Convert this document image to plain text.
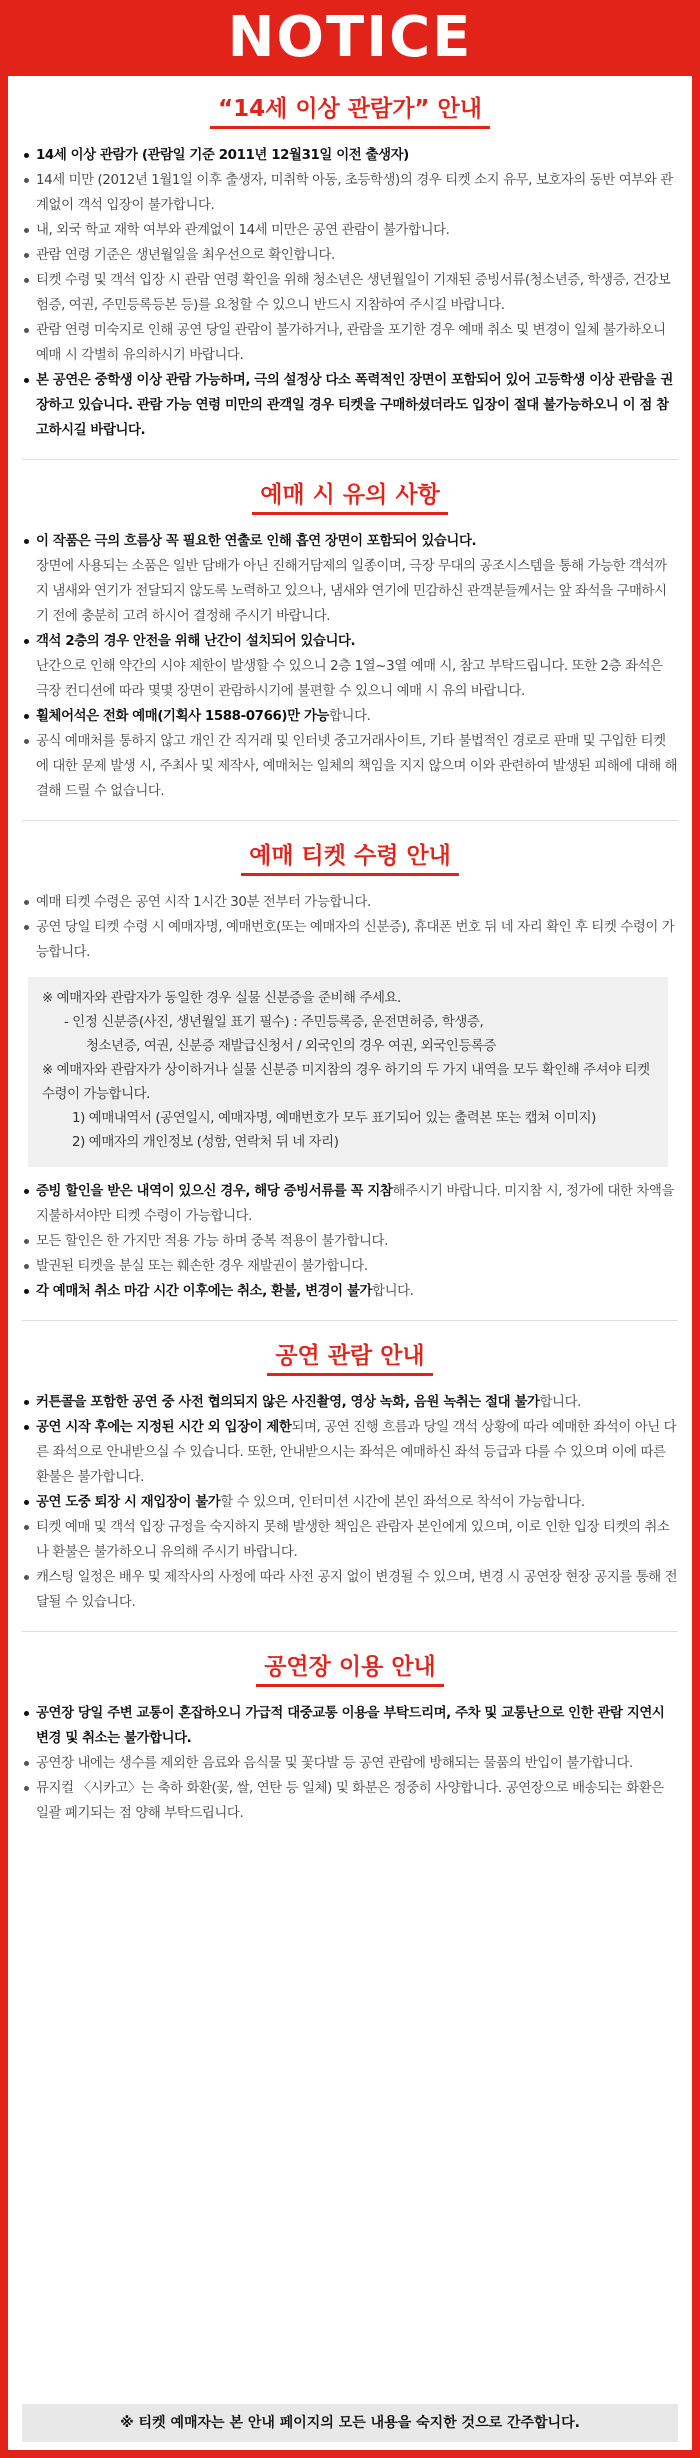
NOTICE
“14세 이상 관람가” 안내
14세 이상 관람가 (관람일 기준 2011년 12월31일 이전 출생자)
14세 미만 (2012년 1월1일 이후 출생자, 미취학 아동, 초등학생)의 경우 티켓 소지 유무, 보호자의 동반 여부와 관계없이 객석 입장이 불가합니다.
내, 외국 학교 재학 여부와 관계없이 14세 미만은 공연 관람이 불가합니다.
관람 연령 기준은 생년월일을 최우선으로 확인합니다.
티켓 수령 및 객석 입장 시 관람 연령 확인을 위해 청소년은 생년월일이 기재된 증빙서류(청소년증, 학생증, 건강보험증, 여권, 주민등록등본 등)를 요청할 수 있으니 반드시 지참하여 주시길 바랍니다.
관람 연령 미숙지로 인해 공연 당일 관람이 불가하거나, 관람을 포기한 경우 예매 취소 및 변경이 일체 불가하오니 예매 시 각별히 유의하시기 바랍니다.
본 공연은 중학생 이상 관람 가능하며, 극의 설정상 다소 폭력적인 장면이 포함되어 있어 고등학생 이상 관람을 권장하고 있습니다. 관람 가능 연령 미만의 관객일 경우 티켓을 구매하셨더라도 입장이 절대 불가능하오니 이 점 참고하시길 바랍니다.
예매 시 유의 사항
이 작품은 극의 흐름상 꼭 필요한 연출로 인해 흡연 장면이 포함되어 있습니다.
장면에 사용되는 소품은 일반 담배가 아닌 진해거담제의 일종이며, 극장 무대의 공조시스템을 통해 가능한 객석까지 냄새와 연기가 전달되지 않도록 노력하고 있으나, 냄새와 연기에 민감하신 관객분들께서는 앞 좌석을 구매하시기 전에 충분히 고려 하시어 결정해 주시기 바랍니다.
객석 2층의 경우 안전을 위해 난간이 설치되어 있습니다.
난간으로 인해 약간의 시야 제한이 발생할 수 있으니 2층 1열~3열 예매 시, 참고 부탁드립니다. 또한 2층 좌석은 극장 컨디션에 따라 몇몇 장면이 관람하시기에 불편할 수 있으니 예매 시 유의 바랍니다.
휠체어석은 전화 예매(기획사 1588-0766)만 가능합니다.
공식 예매처를 통하지 않고 개인 간 직거래 및 인터넷 중고거래사이트, 기타 불법적인 경로로 판매 및 구입한 티켓에 대한 문제 발생 시, 주최사 및 제작사, 예매처는 일체의 책임을 지지 않으며 이와 관련하여 발생된 피해에 대해 해결해 드릴 수 없습니다.
예매 티켓 수령 안내
예매 티켓 수령은 공연 시작 1시간 30분 전부터 가능합니다.
공연 당일 티켓 수령 시 예매자명, 예매번호(또는 예매자의 신분증), 휴대폰 번호 뒤 네 자리 확인 후 티켓 수령이 가능합니다.
※ 예매자와 관람자가 동일한 경우 실물 신분증을 준비해 주세요.
- 인정 신분증(사진, 생년월일 표기 필수) : 주민등록증, 운전면허증, 학생증,
청소년증, 여권, 신분증 재발급신청서 / 외국인의 경우 여권, 외국인등록증
※ 예매자와 관람자가 상이하거나 실물 신분증 미지참의 경우 하기의 두 가지 내역을 모두 확인해 주셔야 티켓 수령이 가능합니다.
1) 예매내역서 (공연일시, 예매자명, 예매번호가 모두 표기되어 있는 출력본 또는 캡쳐 이미지)
2) 예매자의 개인정보 (성함, 연락처 뒤 네 자리)
증빙 할인을 받은 내역이 있으신 경우, 해당 증빙서류를 꼭 지참해주시기 바랍니다. 미지참 시, 정가에 대한 차액을 지불하셔야만 티켓 수령이 가능합니다.
모든 할인은 한 가지만 적용 가능 하며 중복 적용이 불가합니다.
발권된 티켓을 분실 또는 훼손한 경우 재발권이 불가합니다.
각 예매처 취소 마감 시간 이후에는 취소, 환불, 변경이 불가합니다.
공연 관람 안내
커튼콜을 포함한 공연 중 사전 협의되지 않은 사진촬영, 영상 녹화, 음원 녹취는 절대 불가합니다.
공연 시작 후에는 지정된 시간 외 입장이 제한되며, 공연 진행 흐름과 당일 객석 상황에 따라 예매한 좌석이 아닌 다른 좌석으로 안내받으실 수 있습니다. 또한, 안내받으시는 좌석은 예매하신 좌석 등급과 다를 수 있으며 이에 따른 환불은 불가합니다.
공연 도중 퇴장 시 재입장이 불가할 수 있으며, 인터미션 시간에 본인 좌석으로 착석이 가능합니다.
티켓 예매 및 객석 입장 규정을 숙지하지 못해 발생한 책임은 관람자 본인에게 있으며, 이로 인한 입장 티켓의 취소나 환불은 불가하오니 유의해 주시기 바랍니다.
캐스팅 일정은 배우 및 제작사의 사정에 따라 사전 공지 없이 변경될 수 있으며, 변경 시 공연장 현장 공지를 통해 전달될 수 있습니다.
공연장 이용 안내
공연장 당일 주변 교통이 혼잡하오니 가급적 대중교통 이용을 부탁드리며, 주차 및 교통난으로 인한 관람 지연시 변경 및 취소는 불가합니다.
공연장 내에는 생수를 제외한 음료와 음식물 및 꽃다발 등 공연 관람에 방해되는 물품의 반입이 불가합니다.
뮤지컬 〈시카고〉는 축하 화환(꽃, 쌀, 연탄 등 일체) 및 화분은 정중히 사양합니다. 공연장으로 배송되는 화환은 일괄 폐기되는 점 양해 부탁드립니다.
※ 티켓 예매자는 본 안내 페이지의 모든 내용을 숙지한 것으로 간주합니다.
